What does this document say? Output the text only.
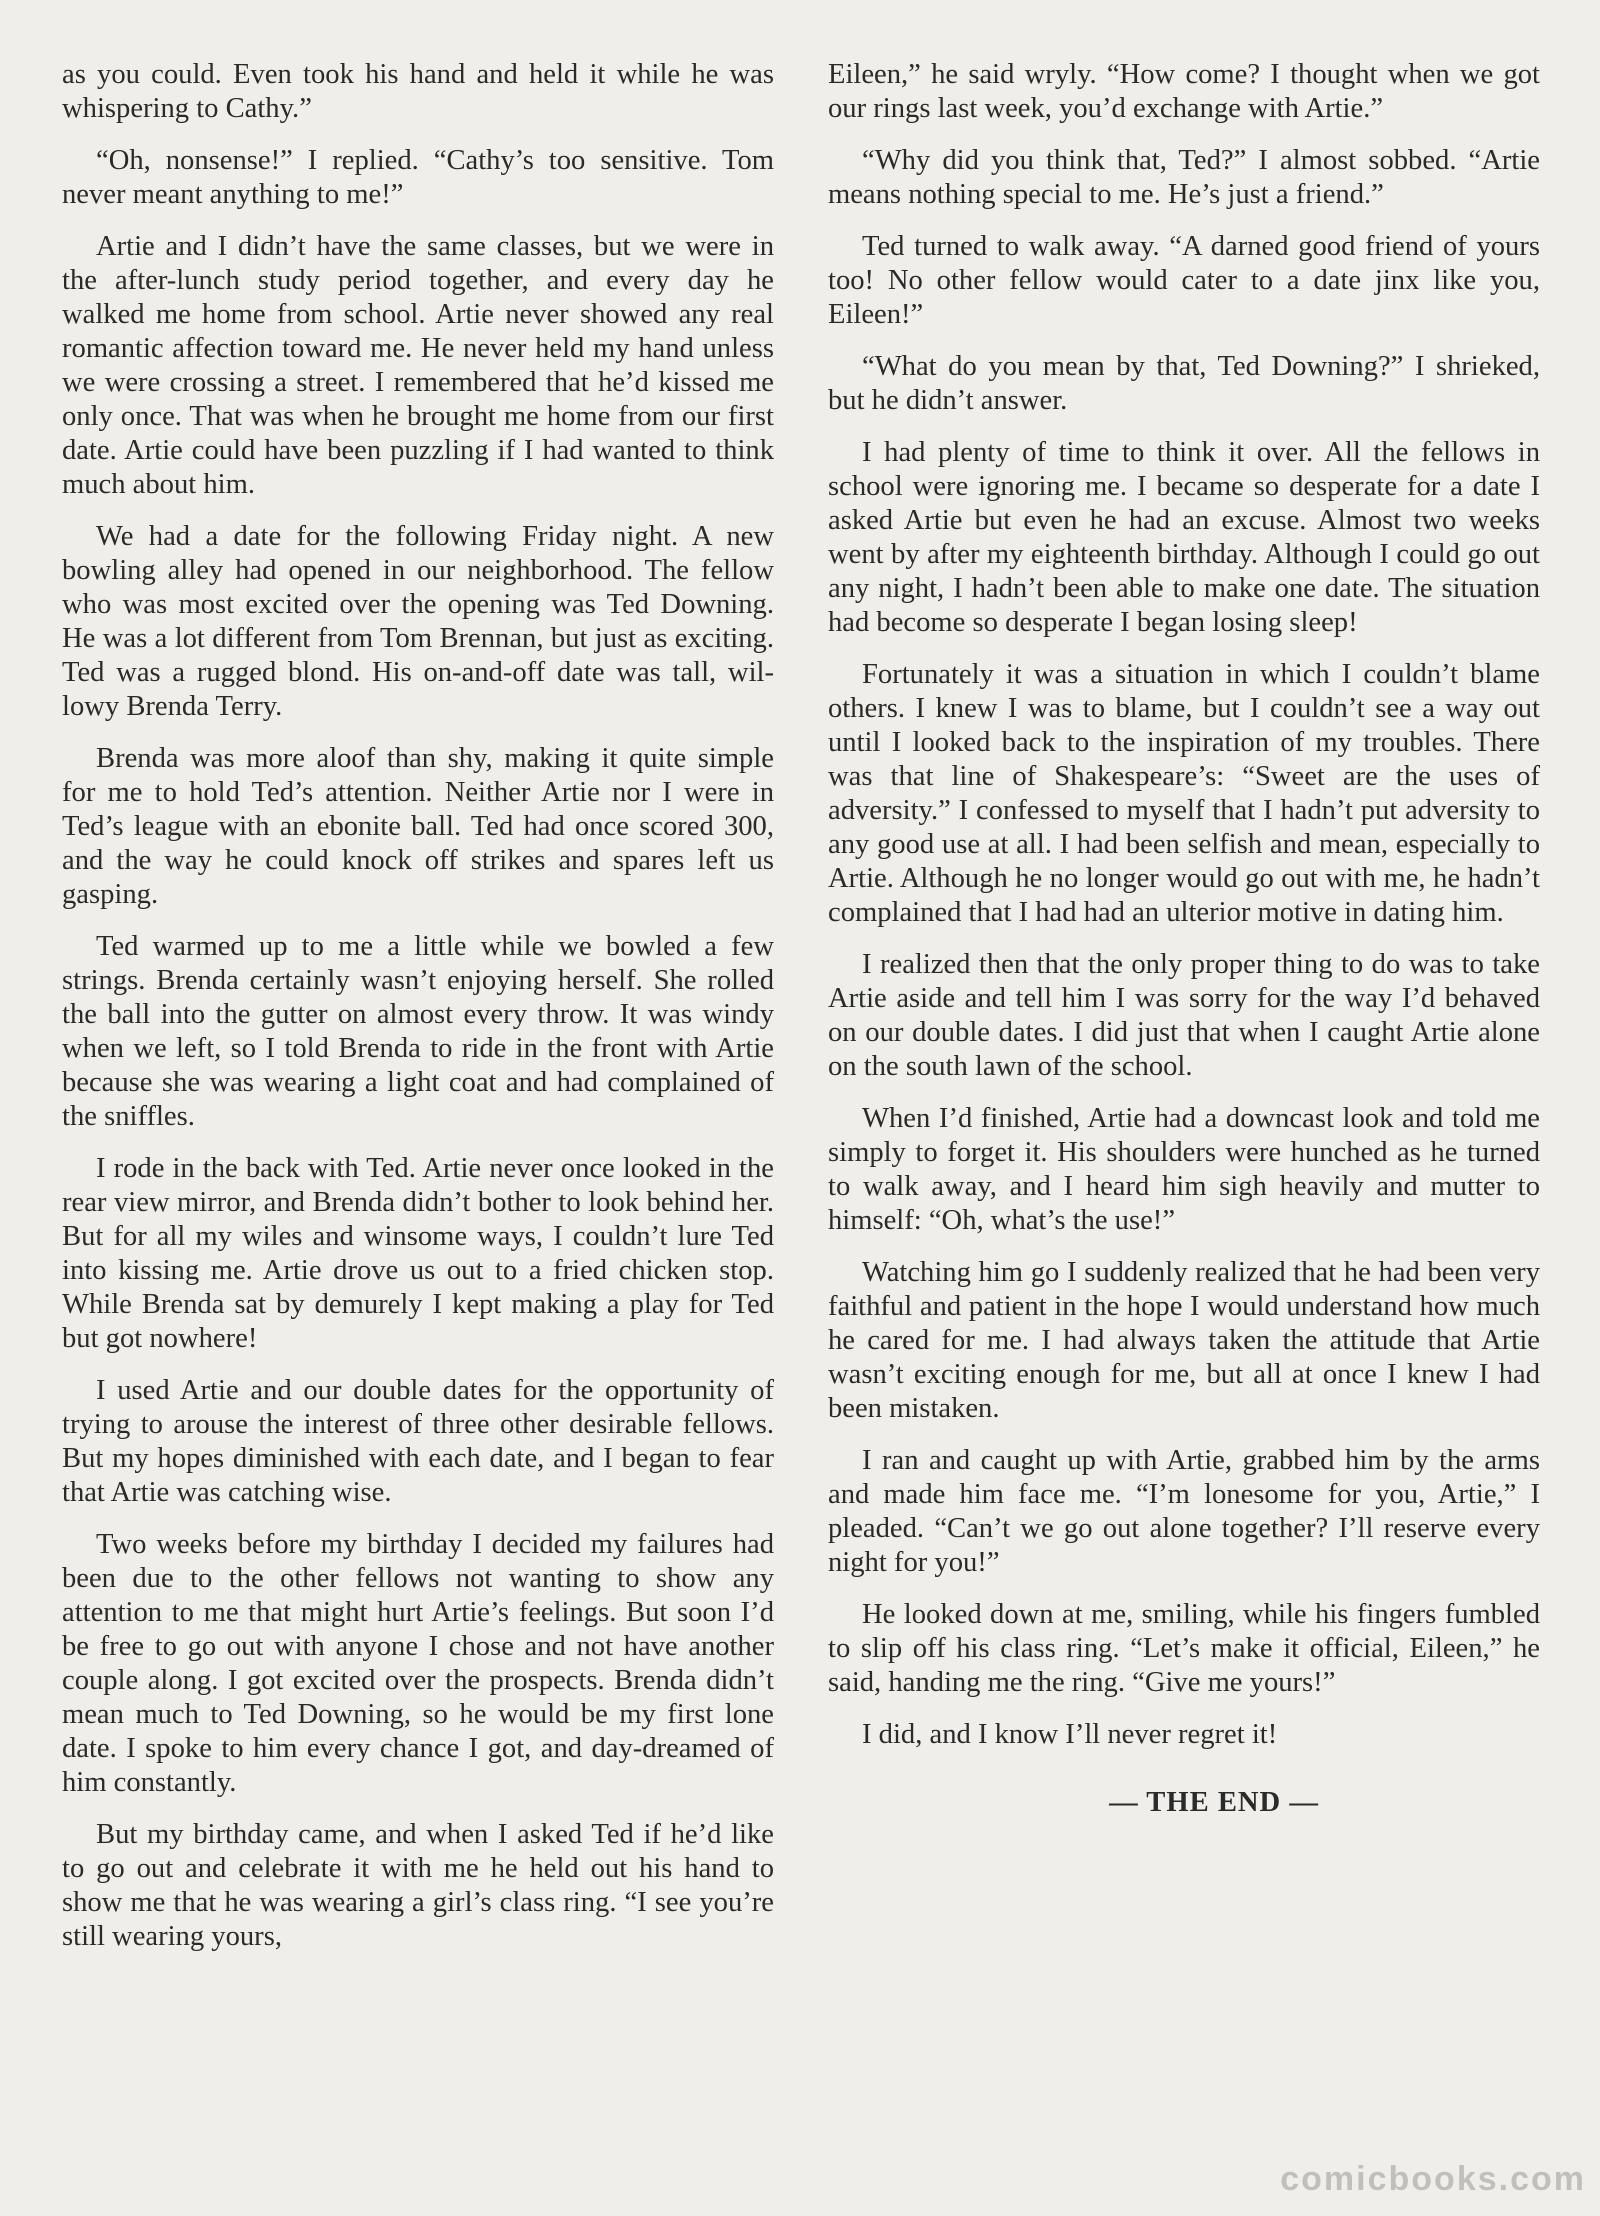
as you could. Even took his hand and held it while he was whispering to Cathy.”

“Oh, nonsense!” I replied. “Cathy’s too sensitive. Tom never meant anything to me!”

Artie and I didn’t have the same classes, but we were in the after-lunch study period together, and every day he walked me home from school. Artie never showed any real romantic affection toward me. He never held my hand unless we were crossing a street. I remembered that he’d kissed me only once. That was when he brought me home from our first date. Artie could have been puzzling if I had wanted to think much about him.

We had a date for the following Friday night. A new bowling alley had opened in our neighborhood. The fellow who was most excited over the opening was Ted Downing. He was a lot different from Tom Brennan, but just as exciting. Ted was a rugged blond. His on-and-off date was tall, willowy Brenda Terry.

Brenda was more aloof than shy, making it quite simple for me to hold Ted’s attention. Neither Artie nor I were in Ted’s league with an ebonite ball. Ted had once scored 300, and the way he could knock off strikes and spares left us gasping.

Ted warmed up to me a little while we bowled a few strings. Brenda certainly wasn’t enjoying herself. She rolled the ball into the gutter on almost every throw. It was windy when we left, so I told Brenda to ride in the front with Artie because she was wearing a light coat and had complained of the sniffles.

I rode in the back with Ted. Artie never once looked in the rear view mirror, and Brenda didn’t bother to look behind her. But for all my wiles and winsome ways, I couldn’t lure Ted into kissing me. Artie drove us out to a fried chicken stop. While Brenda sat by demurely I kept making a play for Ted but got nowhere!

I used Artie and our double dates for the opportunity of trying to arouse the interest of three other desirable fellows. But my hopes diminished with each date, and I began to fear that Artie was catching wise.

Two weeks before my birthday I decided my failures had been due to the other fellows not wanting to show any attention to me that might hurt Artie’s feelings. But soon I’d be free to go out with anyone I chose and not have another couple along. I got excited over the prospects. Brenda didn’t mean much to Ted Downing, so he would be my first lone date. I spoke to him every chance I got, and day-dreamed of him constantly.

But my birthday came, and when I asked Ted if he’d like to go out and celebrate it with me he held out his hand to show me that he was wearing a girl’s class ring. “I see you’re still wearing yours,

Eileen,” he said wryly. “How come? I thought when we got our rings last week, you’d exchange with Artie.”

“Why did you think that, Ted?” I almost sobbed. “Artie means nothing special to me. He’s just a friend.”

Ted turned to walk away. “A darned good friend of yours too! No other fellow would cater to a date jinx like you, Eileen!”

“What do you mean by that, Ted Downing?” I shrieked, but he didn’t answer.

I had plenty of time to think it over. All the fellows in school were ignoring me. I became so desperate for a date I asked Artie but even he had an excuse. Almost two weeks went by after my eighteenth birthday. Although I could go out any night, I hadn’t been able to make one date. The situation had become so desperate I began losing sleep!

Fortunately it was a situation in which I couldn’t blame others. I knew I was to blame, but I couldn’t see a way out until I looked back to the inspiration of my troubles. There was that line of Shakespeare’s: “Sweet are the uses of adversity.” I confessed to myself that I hadn’t put adversity to any good use at all. I had been selfish and mean, especially to Artie. Although he no longer would go out with me, he hadn’t complained that I had had an ulterior motive in dating him.

I realized then that the only proper thing to do was to take Artie aside and tell him I was sorry for the way I’d behaved on our double dates. I did just that when I caught Artie alone on the south lawn of the school.

When I’d finished, Artie had a downcast look and told me simply to forget it. His shoulders were hunched as he turned to walk away, and I heard him sigh heavily and mutter to himself: “Oh, what’s the use!”

Watching him go I suddenly realized that he had been very faithful and patient in the hope I would understand how much he cared for me. I had always taken the attitude that Artie wasn’t exciting enough for me, but all at once I knew I had been mistaken.

I ran and caught up with Artie, grabbed him by the arms and made him face me. “I’m lonesome for you, Artie,” I pleaded. “Can’t we go out alone together? I’ll reserve every night for you!”

He looked down at me, smiling, while his fingers fumbled to slip off his class ring. “Let’s make it official, Eileen,” he said, handing me the ring. “Give me yours!”

I did, and I know I’ll never regret it!

— THE END —

comicbooks.com
